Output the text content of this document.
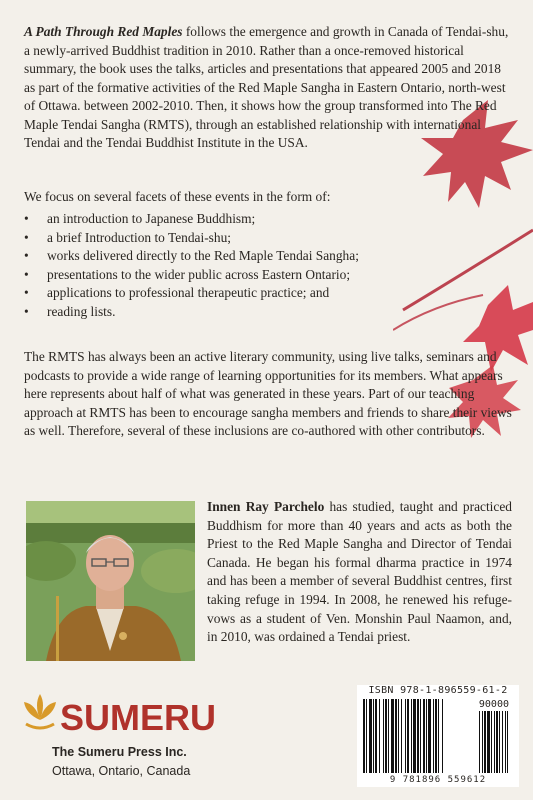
A Path Through Red Maples follows the emergence and growth in Canada of Tendai-shu, a newly-arrived Buddhist tradition in 2010. Rather than a once-removed historical summary, the book uses the talks, articles and presentations that appeared 2005 and 2018 as part of the formative activities of the Red Maple Sangha in Eastern Ontario, north-west of Ottawa. between 2002-2010. Then, it shows how the group transformed into The Red Maple Tendai Sangha (RMTS), through an established relationship with international Tendai and the Tendai Buddhist Institute in the USA.

We focus on several facets of these events in the form of:

• an introduction to Japanese Buddhism;
• a brief Introduction to Tendai-shu;
• works delivered directly to the Red Maple Tendai Sangha;
• presentations to the wider public across Eastern Ontario;
• applications to professional therapeutic practice; and
• reading lists.

The RMTS has always been an active literary community, using live talks, seminars and podcasts to provide a wide range of learning opportunities for its members. What appears here represents about half of what was generated in these years. Part of our teaching approach at RMTS has been to encourage sangha members and friends to share their views as well. Therefore, several of these inclusions are co-authored with other contributors.

Innen Ray Parchelo has studied, taught and practiced Buddhism for more than 40 years and acts as both the Priest to the Red Maple Sangha and Director of Tendai Canada. He began his formal dharma practice in 1974 and has been a member of several Buddhist centres, first taking refuge in 1994. In 2008, he renewed his refuge-vows as a student of Ven. Monshin Paul Naamon, and, in 2010, was ordained a Tendai priest.

SUMERU
The Sumeru Press Inc.
Ottawa, Ontario, Canada
ISBN 978-1-896559-61-2
90000
9 781896 559612
